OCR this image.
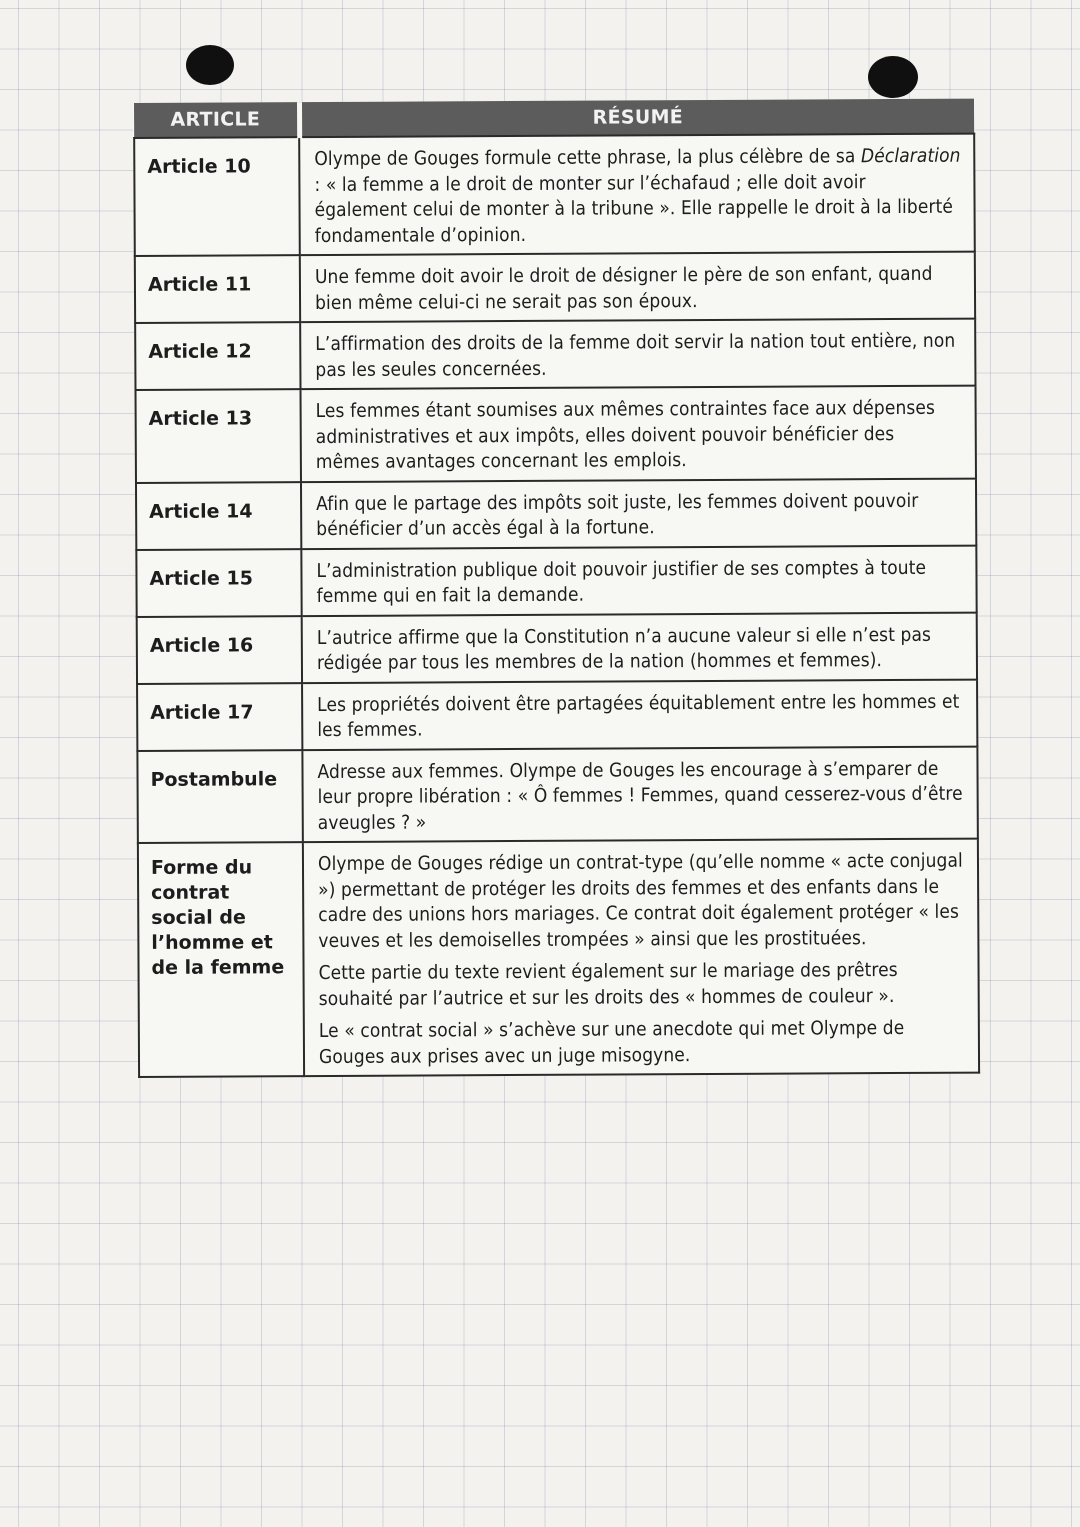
ARTICLE	RÉSUMÉ
Article 10	Olympe de Gouges formule cette phrase, la plus célèbre de sa Déclaration : « la femme a le droit de monter sur l’échafaud ; elle doit avoir également celui de monter à la tribune ». Elle rappelle le droit à la liberté fondamentale d’opinion.

Article 11	Une femme doit avoir le droit de désigner le père de son enfant, quand bien même celui-ci ne serait pas son époux.

Article 12	L’affirmation des droits de la femme doit servir la nation tout entière, non pas les seules concernées.

Article 13	Les femmes étant soumises aux mêmes contraintes face aux dépenses administratives et aux impôts, elles doivent pouvoir bénéficier des mêmes avantages concernant les emplois.

Article 14	Afin que le partage des impôts soit juste, les femmes doivent pouvoir bénéficier d’un accès égal à la fortune.

Article 15	L’administration publique doit pouvoir justifier de ses comptes à toute femme qui en fait la demande.

Article 16	L’autrice affirme que la Constitution n’a aucune valeur si elle n’est pas rédigée par tous les membres de la nation (hommes et femmes).

Article 17	Les propriétés doivent être partagées équitablement entre les hommes et les femmes.

Postambule	Adresse aux femmes. Olympe de Gouges les encourage à s’emparer de leur propre libération : « Ô femmes ! Femmes, quand cesserez-vous d’être aveugles ? »

Forme du contrat social de l’homme et de la femme	Olympe de Gouges rédige un contrat-type (qu’elle nomme « acte conjugal ») permettant de protéger les droits des femmes et des enfants dans le cadre des unions hors mariages. Ce contrat doit également protéger « les veuves et les demoiselles trompées » ainsi que les prostituées.
Cette partie du texte revient également sur le mariage des prêtres souhaité par l’autrice et sur les droits des « hommes de couleur ».
Le « contrat social » s’achève sur une anecdote qui met Olympe de Gouges aux prises avec un juge misogyne.
